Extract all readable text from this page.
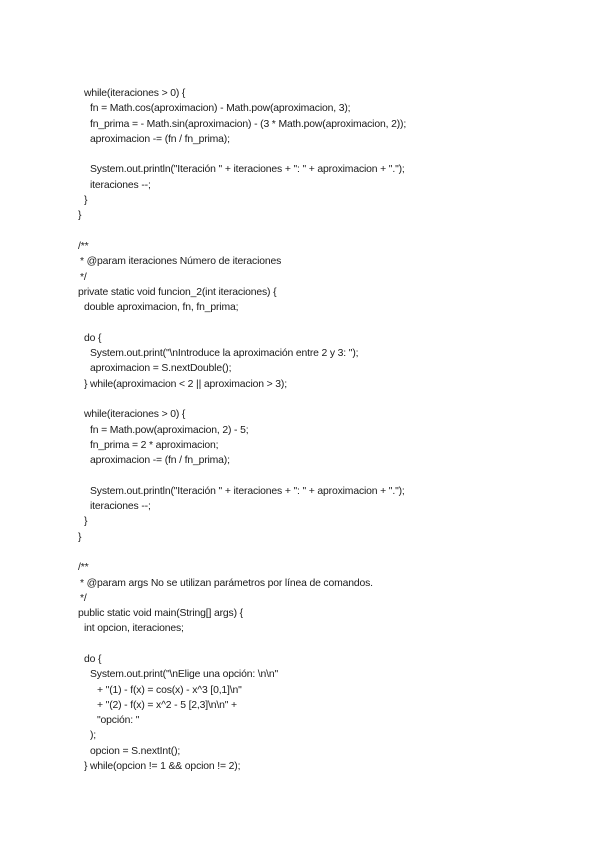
while(iteraciones > 0) {
fn = Math.cos(aproximacion) - Math.pow(aproximacion, 3);
fn_prima = - Math.sin(aproximacion) - (3 * Math.pow(aproximacion, 2));
aproximacion -= (fn / fn_prima);
System.out.println("Iteración " + iteraciones + ": " + aproximacion + ".");
iteraciones --;
}
}
/**
* @param iteraciones Número de iteraciones
*/
private static void funcion_2(int iteraciones) {
double aproximacion, fn, fn_prima;
do {
System.out.print("\nIntroduce la aproximación entre 2 y 3: ");
aproximacion = S.nextDouble();
} while(aproximacion < 2 || aproximacion > 3);
while(iteraciones > 0) {
fn = Math.pow(aproximacion, 2) - 5;
fn_prima = 2 * aproximacion;
aproximacion -= (fn / fn_prima);
System.out.println("Iteración " + iteraciones + ": " + aproximacion + ".");
iteraciones --;
}
}
/**
* @param args No se utilizan parámetros por línea de comandos.
*/
public static void main(String[] args) {
int opcion, iteraciones;
do {
System.out.print("\nElige una opción: \n\n"
+ "(1) - f(x) = cos(x) - x^3 [0,1]\n"
+ "(2) - f(x) = x^2 - 5 [2,3]\n\n" +
"opción: "
);
opcion = S.nextInt();
} while(opcion != 1 && opcion != 2);
